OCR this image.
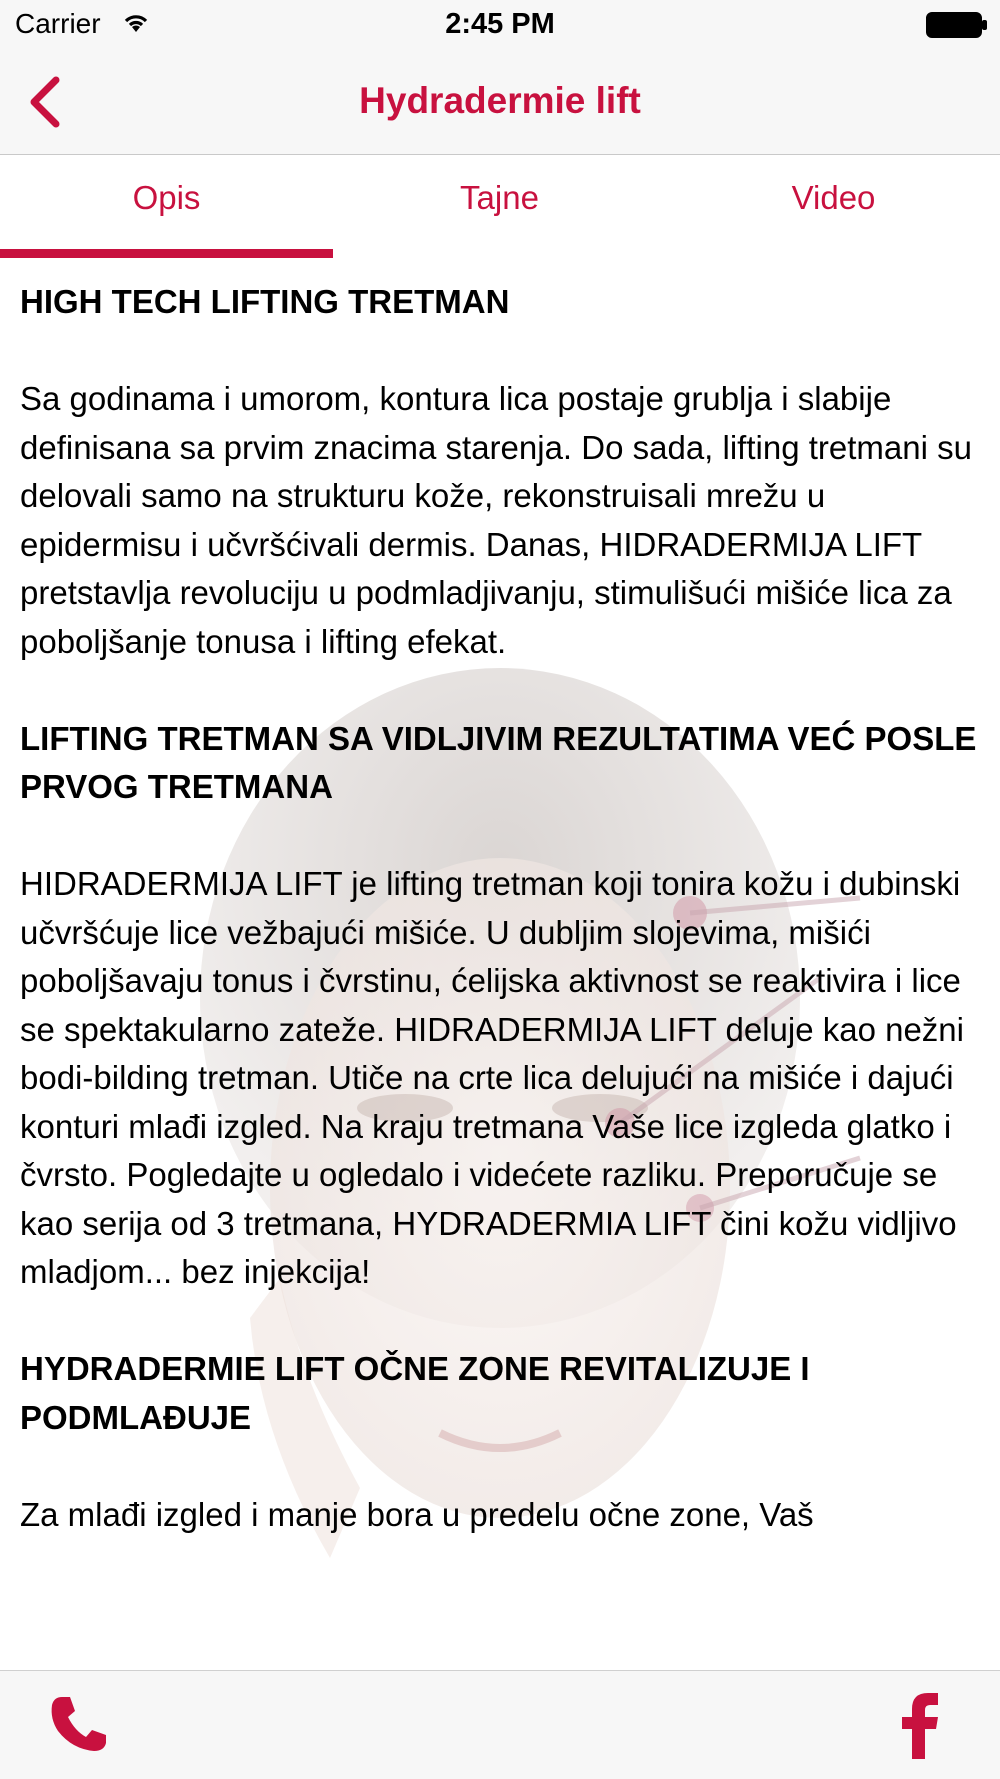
Carrier	2:45 PM
Hydradermie lift
Opis	Tajne	Video
HIGH TECH LIFTING TRETMAN

Sa godinama i umorom, kontura lica postaje grublja i slabije definisana sa prvim znacima starenja. Do sada, lifting tretmani su delovali samo na strukturu kože, rekonstruisali mrežu u epidermisu i učvršćivali dermis. Danas, HIDRADERMIJA LIFT pretstavlja revoluciju u podmladjivanju, stimulišući mišiće lica za poboljšanje tonusa i lifting efekat.

LIFTING TRETMAN SA VIDLJIVIM REZULTATIMA VEĆ POSLE PRVOG TRETMANA

HIDRADERMIJA LIFT je lifting tretman koji tonira kožu i dubinski učvršćuje lice vežbajući mišiće. U dubljim slojevima, mišići poboljšavaju tonus i čvrstinu, ćelijska aktivnost se reaktivira i lice se spektakularno zateže. HIDRADERMIJA LIFT deluje kao nežni bodi-bilding tretman. Utiče na crte lica delujući na mišiće i dajući konturi mlađi izgled. Na kraju tretmana Vaše lice izgleda glatko i čvrsto. Pogledajte u ogledalo i videćete razliku. Preporučuje se kao serija od 3 tretmana, HYDRADERMIA LIFT čini kožu vidljivo mladjom... bez injekcija!

HYDRADERMIE LIFT OČNE ZONE REVITALIZUJE I PODMLAĐUJE

Za mlađi izgled i manje bora u predelu očne zone, Vaš
